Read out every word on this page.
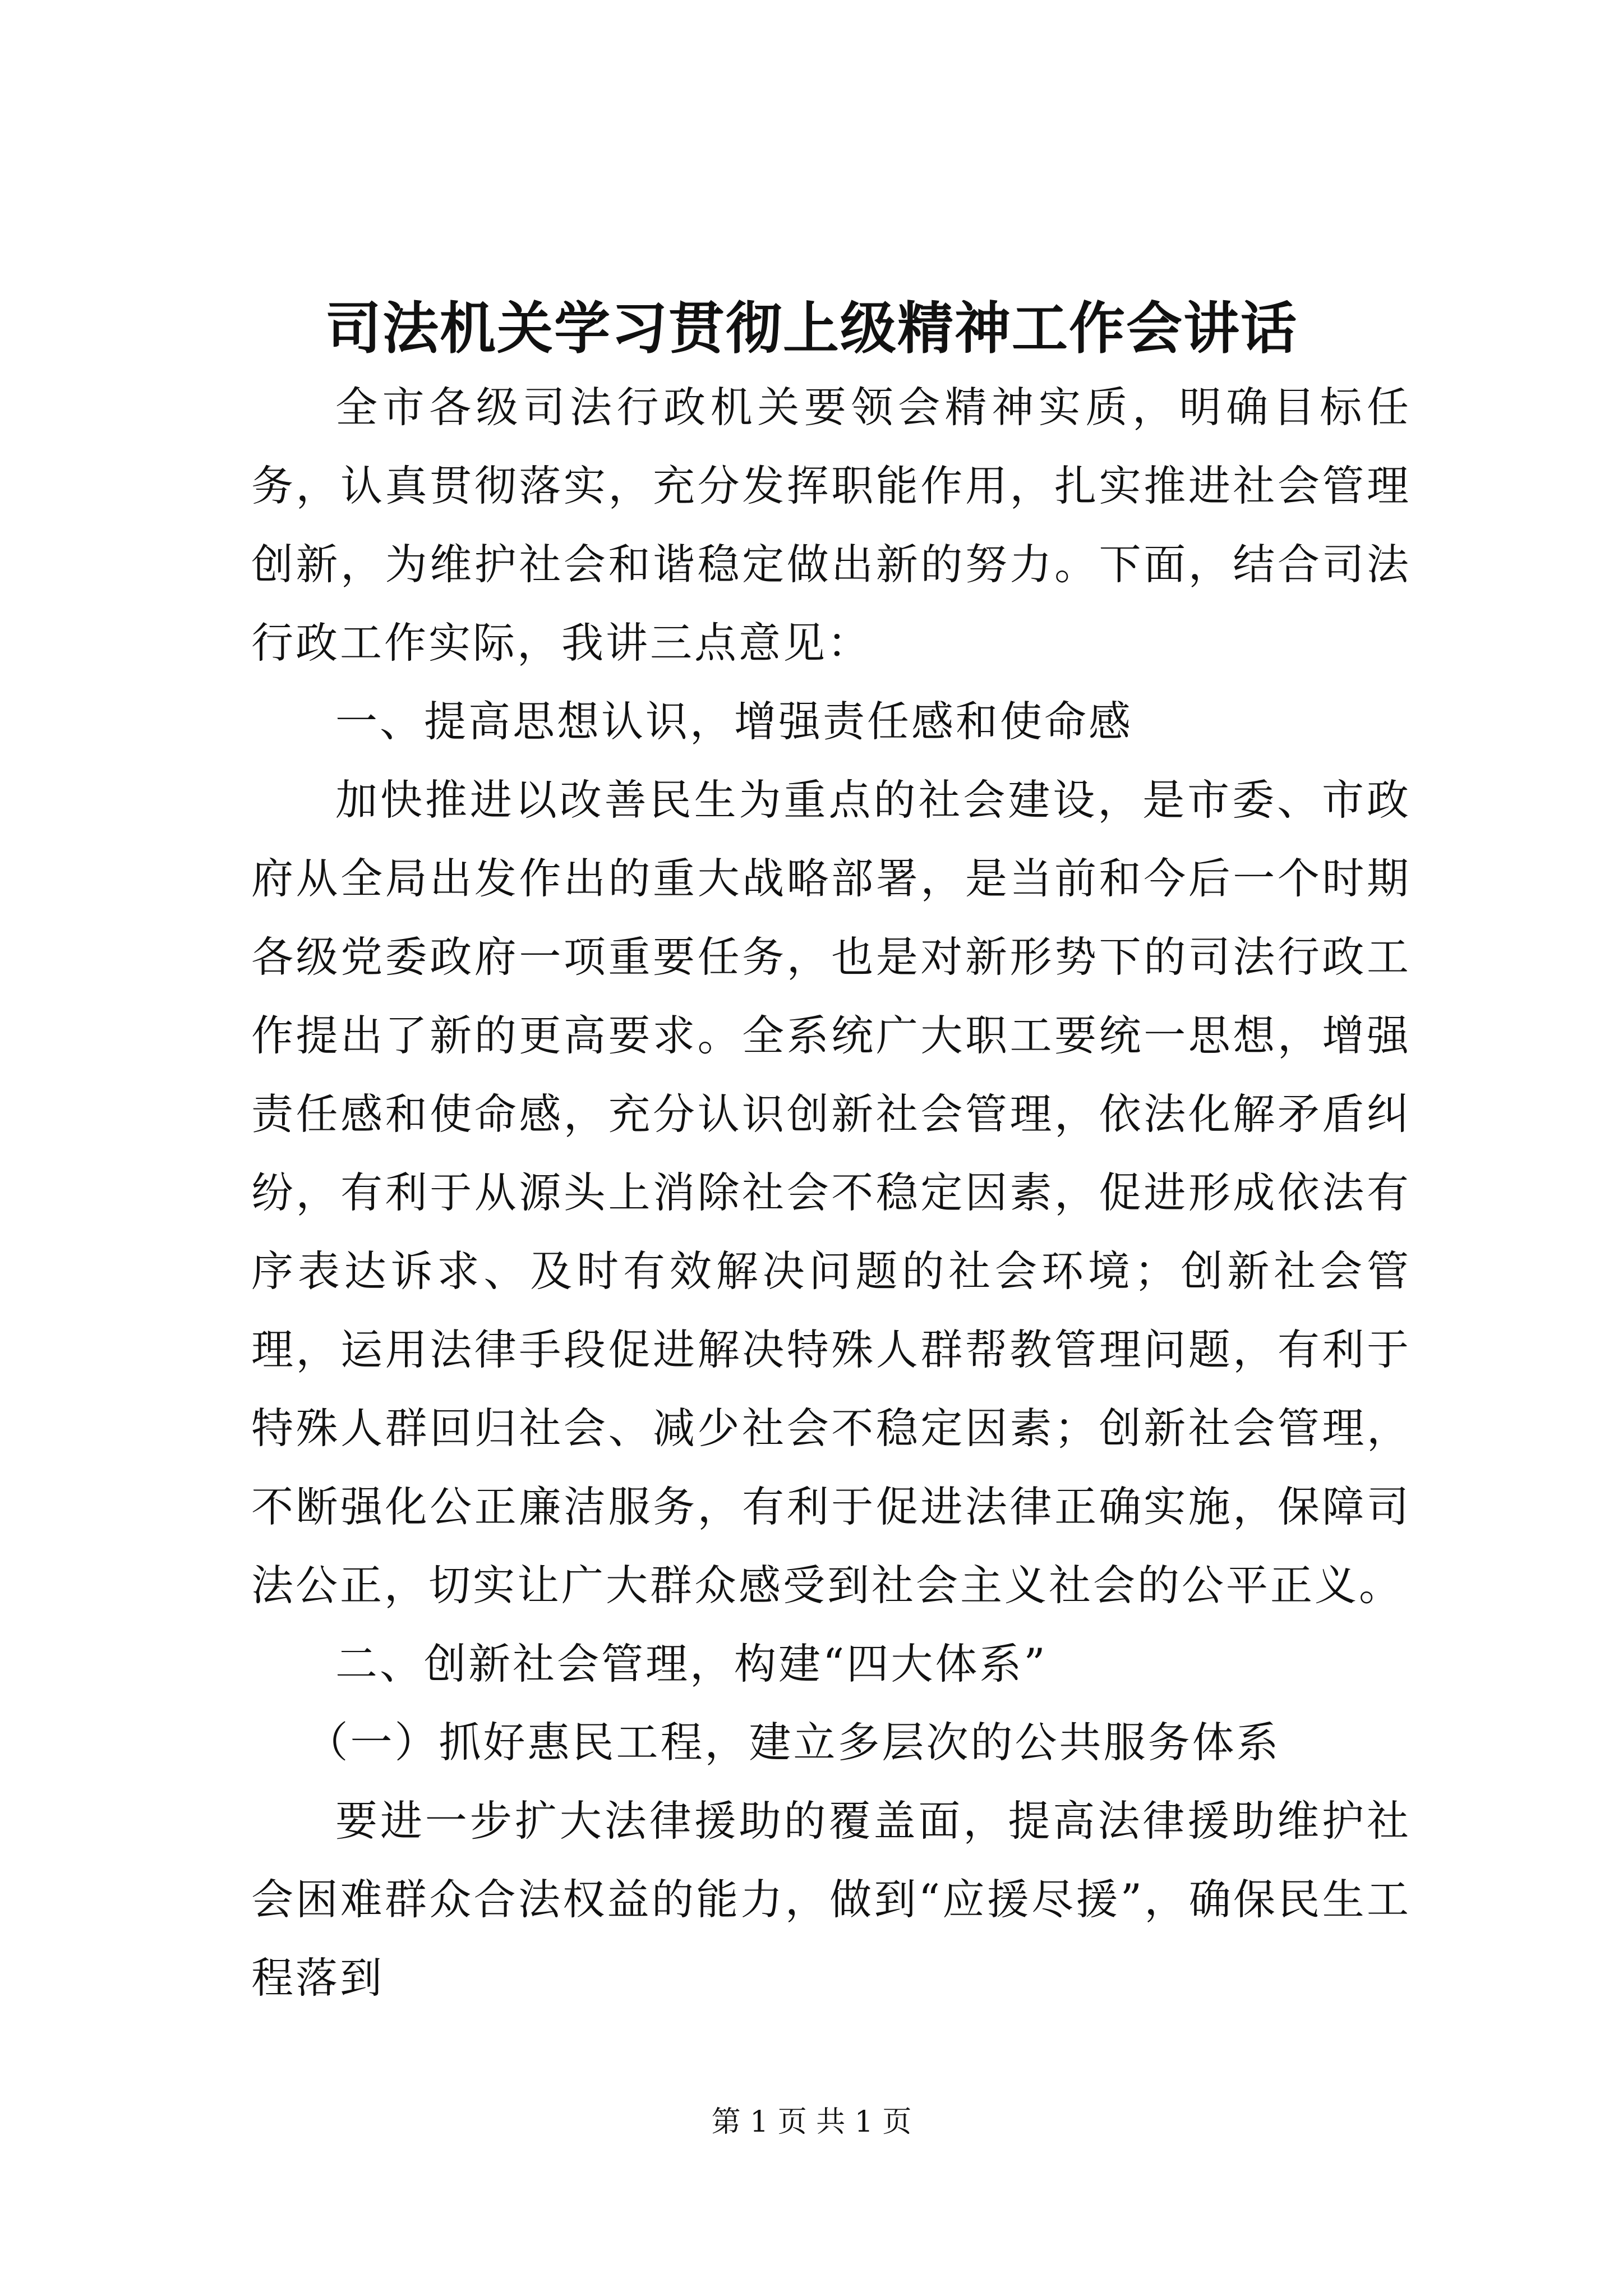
司法机关学习贯彻上级精神工作会讲话

全市各级司法行政机关要领会精神实质，明确目标任务，认真贯彻落实，充分发挥职能作用，扎实推进社会管理创新，为维护社会和谐稳定做出新的努力。下面，结合司法行政工作实际，我讲三点意见：

一、提高思想认识，增强责任感和使命感

加快推进以改善民生为重点的社会建设，是市委、市政府从全局出发作出的重大战略部署，是当前和今后一个时期各级党委政府一项重要任务，也是对新形势下的司法行政工作提出了新的更高要求。全系统广大职工要统一思想，增强责任感和使命感，充分认识创新社会管理，依法化解矛盾纠纷，有利于从源头上消除社会不稳定因素，促进形成依法有序表达诉求、及时有效解决问题的社会环境；创新社会管理，运用法律手段促进解决特殊人群帮教管理问题，有利于特殊人群回归社会、减少社会不稳定因素；创新社会管理，不断强化公正廉洁服务，有利于促进法律正确实施，保障司法公正，切实让广大群众感受到社会主义社会的公平正义。

二、创新社会管理，构建“四大体系”

（一）抓好惠民工程，建立多层次的公共服务体系

要进一步扩大法律援助的覆盖面，提高法律援助维护社会困难群众合法权益的能力，做到“应援尽援”，确保民生工程落到

第 1 页 共 1 页
